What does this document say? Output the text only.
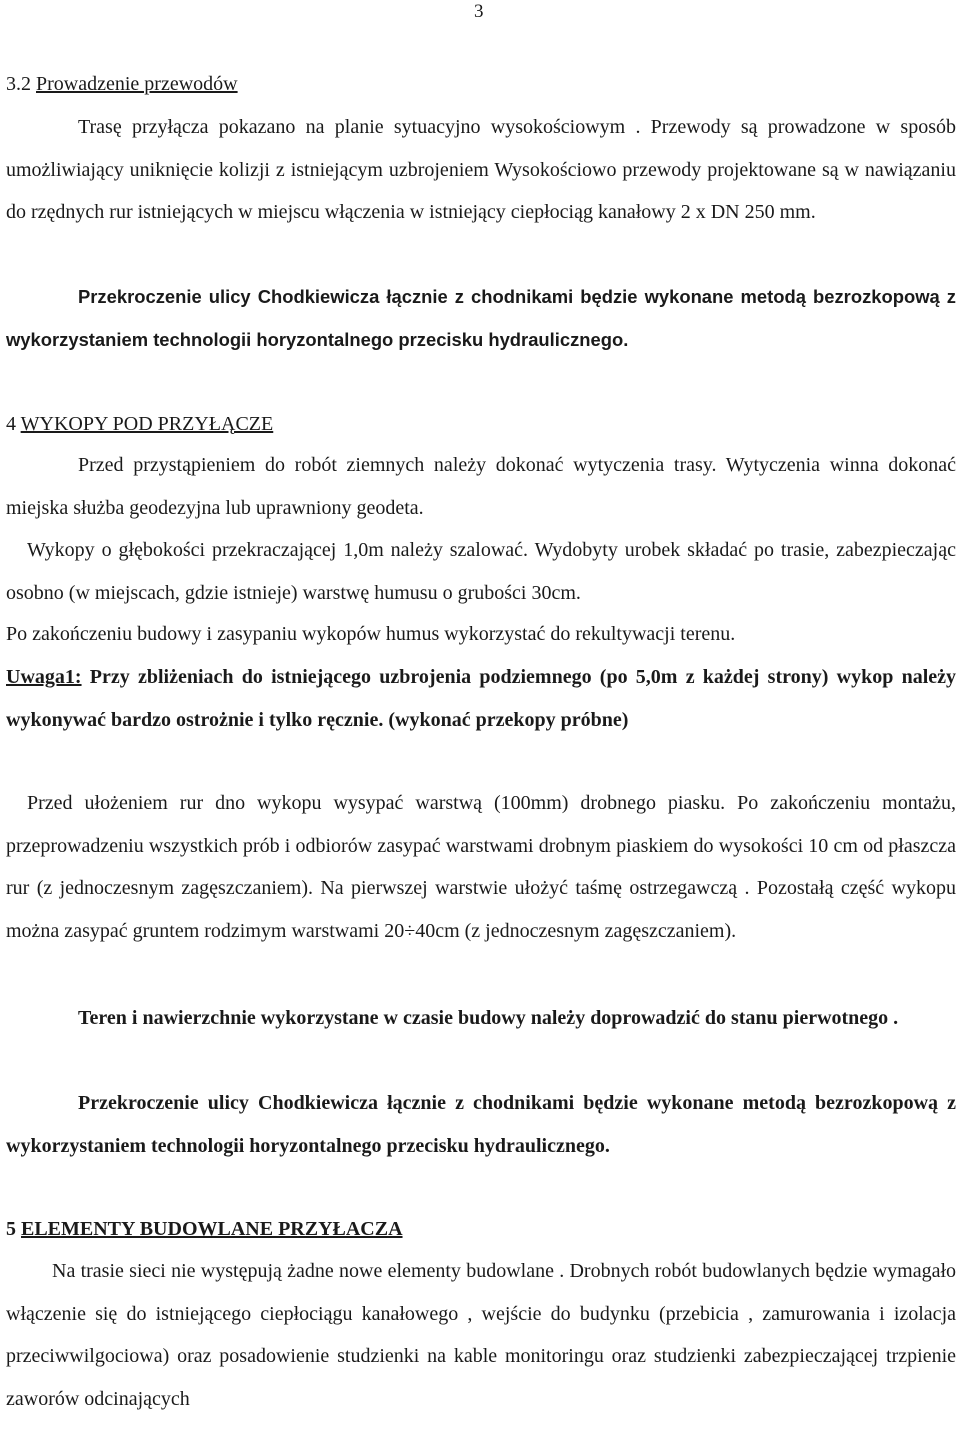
3
3.2 Prowadzenie przewodów

Trasę przyłącza pokazano na planie sytuacyjno wysokościowym . Przewody są prowadzone w sposób umożliwiający uniknięcie kolizji z istniejącym uzbrojeniem Wysokościowo przewody projektowane są w nawiązaniu do rzędnych rur istniejących w miejscu włączenia w istniejący ciepłociąg kanałowy 2 x DN 250 mm.

Przekroczenie ulicy Chodkiewicza łącznie z chodnikami będzie wykonane metodą bezrozkopową z wykorzystaniem technologii horyzontalnego przecisku hydraulicznego.

4 WYKOPY POD PRZYŁĄCZE

Przed przystąpieniem do robót ziemnych należy dokonać wytyczenia trasy. Wytyczenia winna dokonać miejska służba geodezyjna lub uprawniony geodeta.

Wykopy o głębokości przekraczającej 1,0m należy szalować. Wydobyty urobek składać po trasie, zabezpieczając osobno (w miejscach, gdzie istnieje) warstwę humusu o grubości 30cm.

Po zakończeniu budowy i zasypaniu wykopów humus wykorzystać do rekultywacji terenu.

Uwaga1: Przy zbliżeniach do istniejącego uzbrojenia podziemnego (po 5,0m z każdej strony) wykop należy wykonywać bardzo ostrożnie i tylko ręcznie. (wykonać przekopy próbne)

Przed ułożeniem rur dno wykopu wysypać warstwą (100mm) drobnego piasku. Po zakończeniu montażu, przeprowadzeniu wszystkich prób i odbiorów zasypać warstwami drobnym piaskiem do wysokości 10 cm od płaszcza rur (z jednoczesnym zagęszczaniem). Na pierwszej warstwie ułożyć taśmę ostrzegawczą . Pozostałą część wykopu można zasypać gruntem rodzimym warstwami 20÷40cm (z jednoczesnym zagęszczaniem).

Teren i nawierzchnie wykorzystane w czasie budowy należy doprowadzić do stanu pierwotnego .

Przekroczenie ulicy Chodkiewicza łącznie z chodnikami będzie wykonane metodą bezrozkopową z wykorzystaniem technologii horyzontalnego przecisku hydraulicznego.

5 ELEMENTY BUDOWLANE PRZYŁACZA

Na trasie sieci nie występują żadne nowe elementy budowlane . Drobnych robót budowlanych będzie wymagało włączenie się do istniejącego ciepłociągu kanałowego , wejście do budynku (przebicia , zamurowania i izolacja przeciwwilgociowa) oraz posadowienie studzienki na kable monitoringu oraz studzienki zabezpieczającej trzpienie zaworów odcinających
